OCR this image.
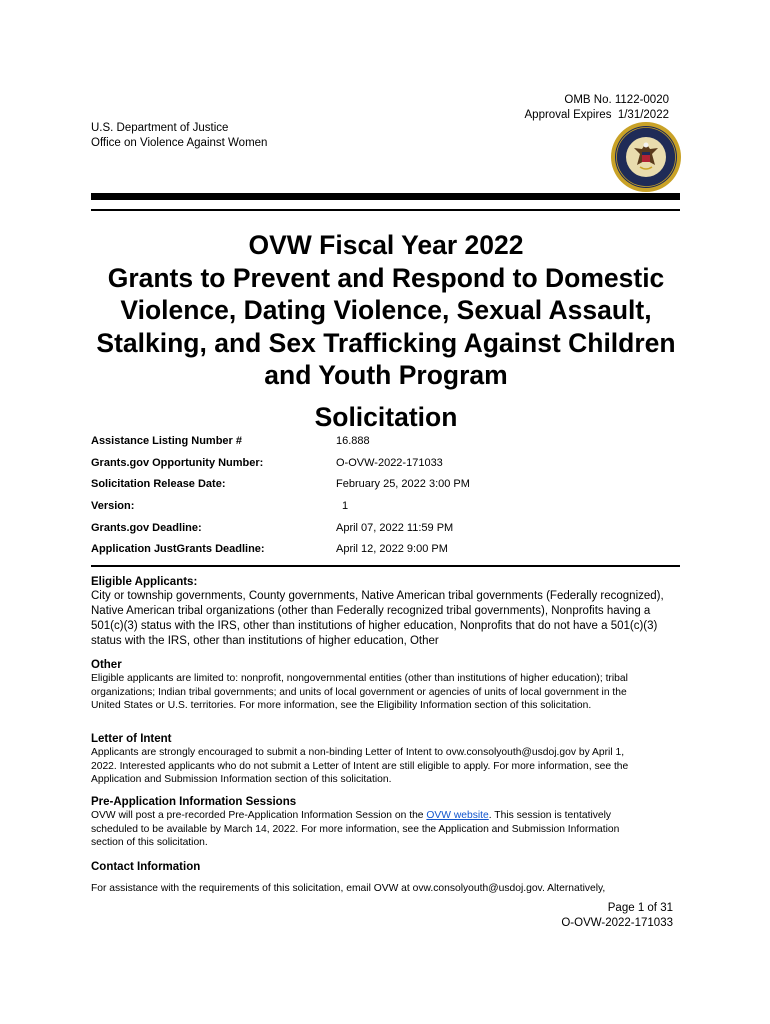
OMB No. 1122-0020
Approval Expires  1/31/2022
U.S. Department of Justice
Office on Violence Against Women
OVW Fiscal Year 2022
Grants to Prevent and Respond to Domestic
Violence, Dating Violence, Sexual Assault,
Stalking, and Sex Trafficking Against Children
and Youth Program
Solicitation
Assistance Listing Number #	16.888
Grants.gov Opportunity Number:	O-OVW-2022-171033
Solicitation Release Date:	February 25, 2022 3:00 PM
Version:	1
Grants.gov Deadline:	April 07, 2022 11:59 PM
Application JustGrants Deadline:	April 12, 2022 9:00 PM
Eligible Applicants:
City or township governments, County governments, Native American tribal governments (Federally recognized),
Native American tribal organizations (other than Federally recognized tribal governments), Nonprofits having a
501(c)(3) status with the IRS, other than institutions of higher education, Nonprofits that do not have a 501(c)(3)
status with the IRS, other than institutions of higher education, Other
Other
Eligible applicants are limited to: nonprofit, nongovernmental entities (other than institutions of higher education); tribal
organizations; Indian tribal governments; and units of local government or agencies of units of local government in the
United States or U.S. territories. For more information, see the Eligibility Information section of this solicitation.
Letter of Intent
Applicants are strongly encouraged to submit a non-binding Letter of Intent to ovw.consolyouth@usdoj.gov by April 1,
2022. Interested applicants who do not submit a Letter of Intent are still eligible to apply. For more information, see the
Application and Submission Information section of this solicitation.
Pre-Application Information Sessions
OVW will post a pre-recorded Pre-Application Information Session on the OVW website. This session is tentatively
scheduled to be available by March 14, 2022. For more information, see the Application and Submission Information
section of this solicitation.
Contact Information
For assistance with the requirements of this solicitation, email OVW at ovw.consolyouth@usdoj.gov. Alternatively,
Page 1 of 31
O-OVW-2022-171033
